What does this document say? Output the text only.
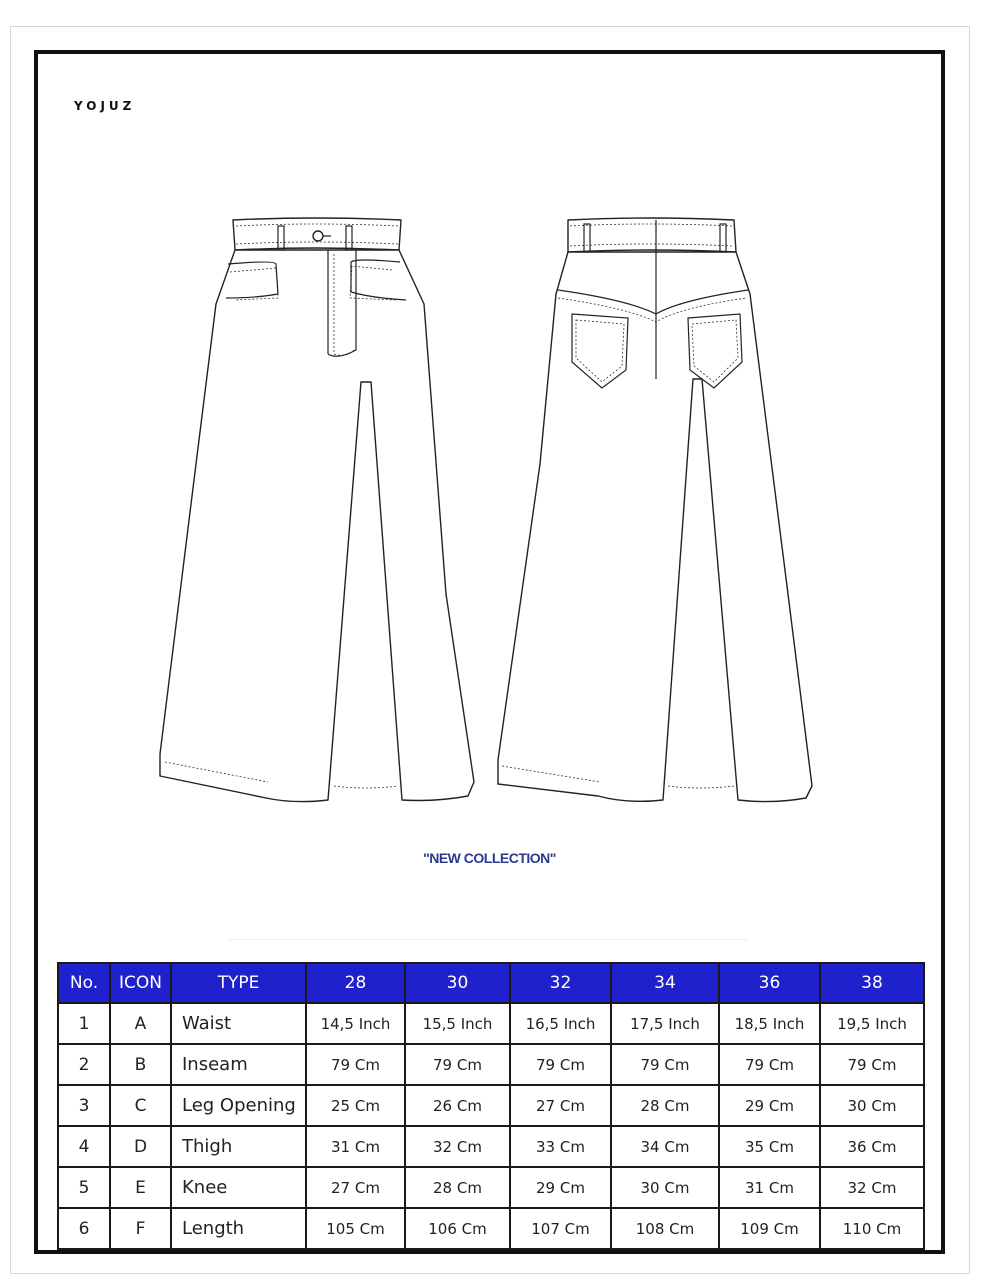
YOJUZ
"NEW COLLECTION"
No.	ICON	TYPE	28	30	32	34	36	38
1	A	Waist	14,5 Inch	15,5 Inch	16,5 Inch	17,5 Inch	18,5 Inch	19,5 Inch
2	B	Inseam	79 Cm	79 Cm	79 Cm	79 Cm	79 Cm	79 Cm
3	C	Leg Opening	25 Cm	26 Cm	27 Cm	28 Cm	29 Cm	30 Cm
4	D	Thigh	31 Cm	32 Cm	33 Cm	34 Cm	35 Cm	36 Cm
5	E	Knee	27 Cm	28 Cm	29 Cm	30 Cm	31 Cm	32 Cm
6	F	Length	105 Cm	106 Cm	107 Cm	108 Cm	109 Cm	110 Cm
